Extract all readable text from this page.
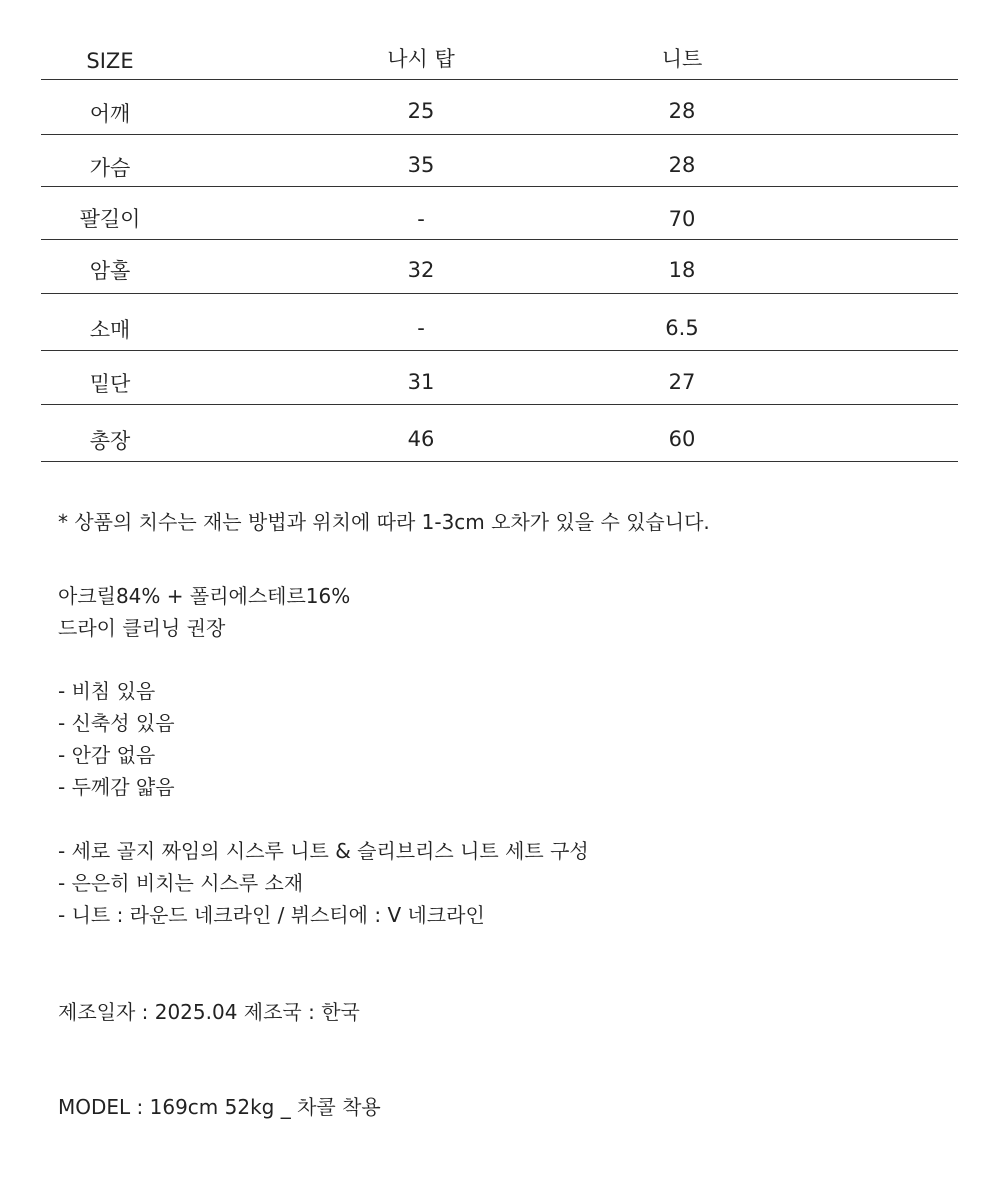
SIZE	나시 탑	니트
어깨	25	28
가슴	35	28
팔길이	-	70
암홀	32	18
소매	-	6.5
밑단	31	27
총장	46	60
* 상품의 치수는 재는 방법과 위치에 따라 1-3cm 오차가 있을 수 있습니다.
아크릴84% + 폴리에스테르16%
드라이 클리닝 권장
- 비침 있음
- 신축성 있음
- 안감 없음
- 두께감 얇음
- 세로 골지 짜임의 시스루 니트 & 슬리브리스 니트 세트 구성
- 은은히 비치는 시스루 소재
- 니트 : 라운드 네크라인 / 뷔스티에 : V 네크라인
제조일자 : 2025.04 제조국 : 한국
MODEL : 169cm 52kg _ 차콜 착용
